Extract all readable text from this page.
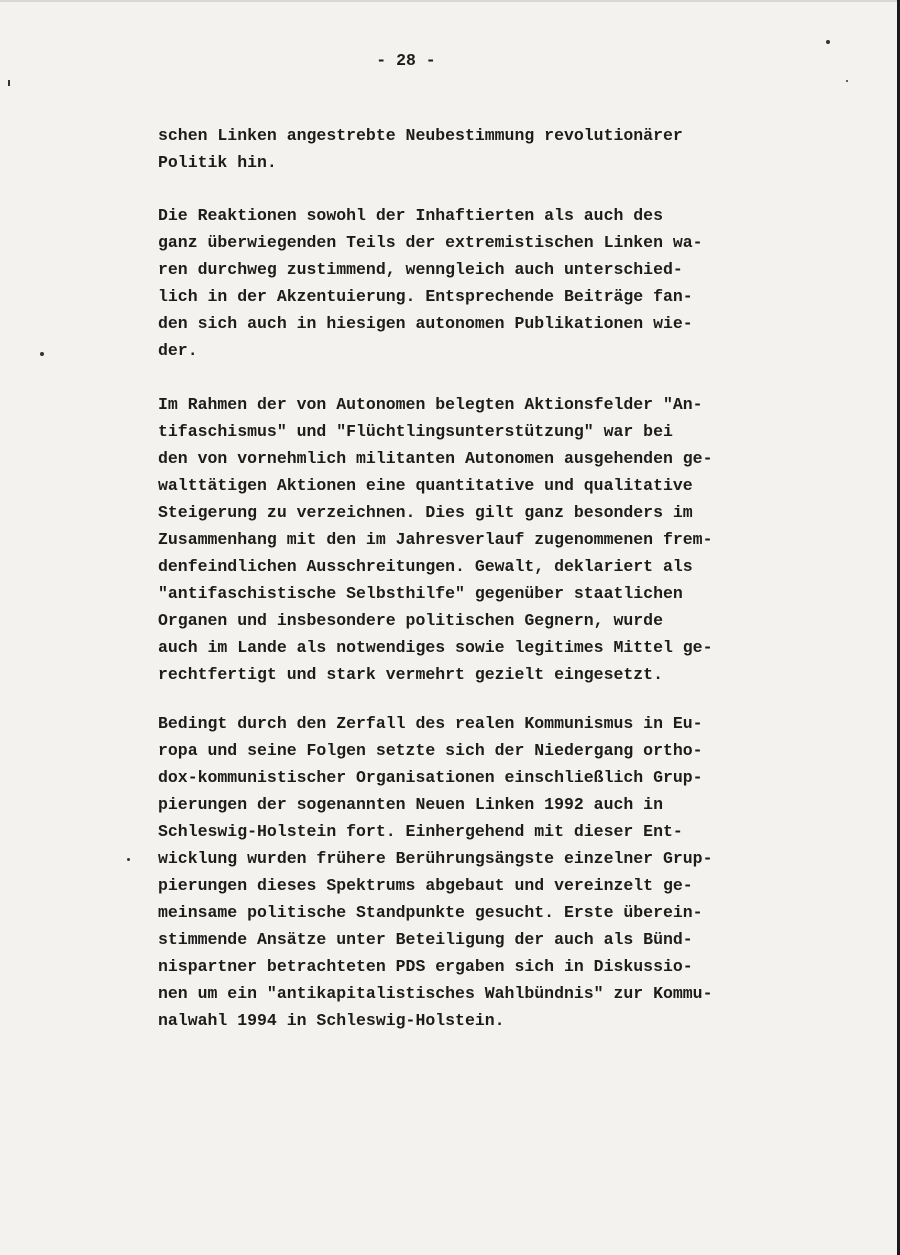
- 28 -

schen Linken angestrebte Neubestimmung revolutionärer
Politik hin.

Die Reaktionen sowohl der Inhaftierten als auch des
ganz überwiegenden Teils der extremistischen Linken wa-
ren durchweg zustimmend, wenngleich auch unterschied-
lich in der Akzentuierung. Entsprechende Beiträge fan-
den sich auch in hiesigen autonomen Publikationen wie-
der.

Im Rahmen der von Autonomen belegten Aktionsfelder "An-
tifaschismus" und "Flüchtlingsunterstützung" war bei
den von vornehmlich militanten Autonomen ausgehenden ge-
walttätigen Aktionen eine quantitative und qualitative
Steigerung zu verzeichnen. Dies gilt ganz besonders im
Zusammenhang mit den im Jahresverlauf zugenommenen frem-
denfeindlichen Ausschreitungen. Gewalt, deklariert als
"antifaschistische Selbsthilfe" gegenüber staatlichen
Organen und insbesondere politischen Gegnern, wurde
auch im Lande als notwendiges sowie legitimes Mittel ge-
rechtfertigt und stark vermehrt gezielt eingesetzt.

Bedingt durch den Zerfall des realen Kommunismus in Eu-
ropa und seine Folgen setzte sich der Niedergang ortho-
dox-kommunistischer Organisationen einschließlich Grup-
pierungen der sogenannten Neuen Linken 1992 auch in
Schleswig-Holstein fort. Einhergehend mit dieser Ent-
wicklung wurden frühere Berührungsängste einzelner Grup-
pierungen dieses Spektrums abgebaut und vereinzelt ge-
meinsame politische Standpunkte gesucht. Erste überein-
stimmende Ansätze unter Beteiligung der auch als Bünd-
nispartner betrachteten PDS ergaben sich in Diskussio-
nen um ein "antikapitalistisches Wahlbündnis" zur Kommu-
nalwahl 1994 in Schleswig-Holstein.
